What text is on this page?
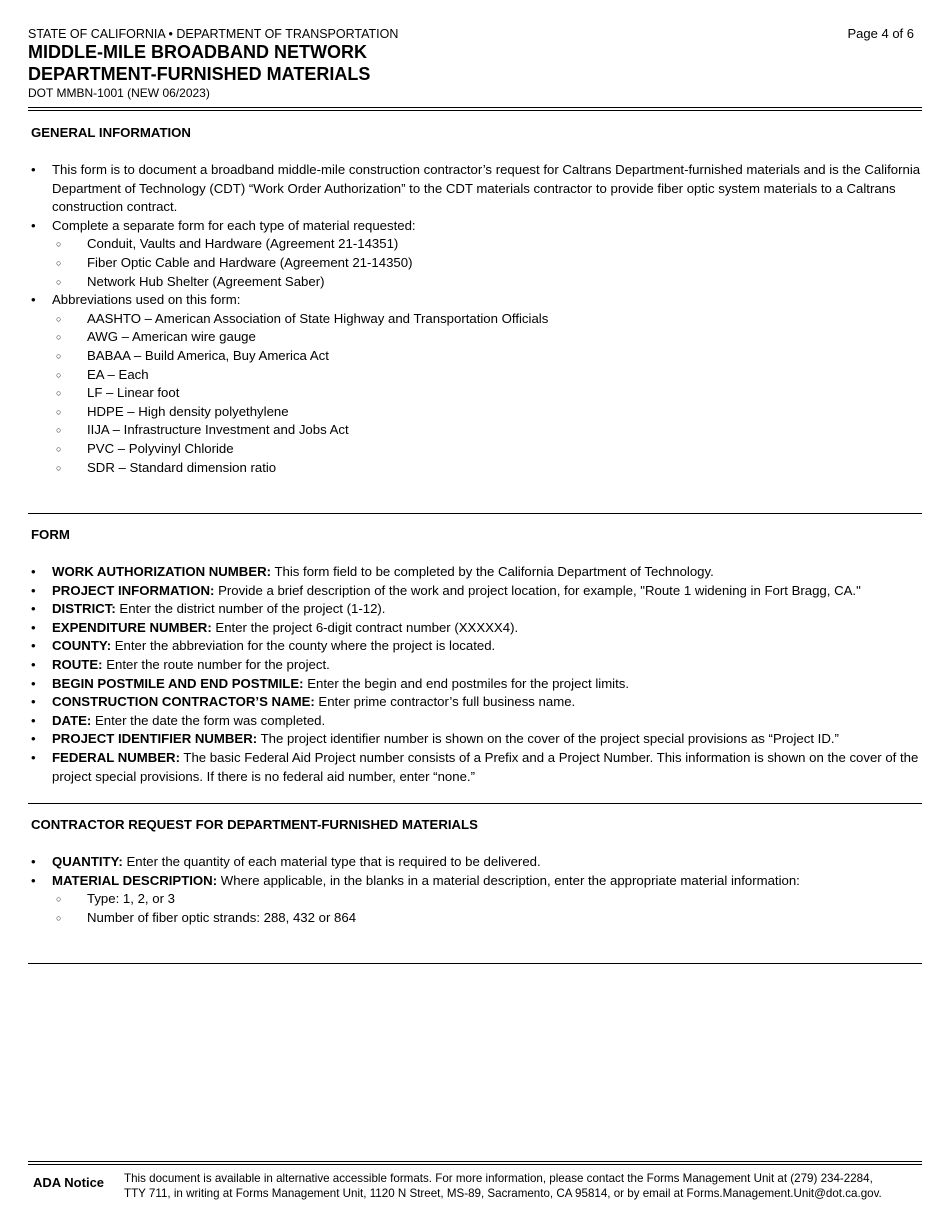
STATE OF CALIFORNIA • DEPARTMENT OF TRANSPORTATION
MIDDLE-MILE BROADBAND NETWORK
DEPARTMENT-FURNISHED MATERIALS
DOT MMBN-1001 (NEW 06/2023)
Page 4 of 6
GENERAL INFORMATION
• This form is to document a broadband middle-mile construction contractor’s request for Caltrans Department-furnished materials and is the California Department of Technology (CDT) “Work Order Authorization” to the CDT materials contractor to provide fiber optic system materials to a Caltrans construction contract.
• Complete a separate form for each type of material requested:
○ Conduit, Vaults and Hardware (Agreement 21-14351)
○ Fiber Optic Cable and Hardware (Agreement 21-14350)
○ Network Hub Shelter (Agreement Saber)
• Abbreviations used on this form:
○ AASHTO – American Association of State Highway and Transportation Officials
○ AWG – American wire gauge
○ BABAA – Build America, Buy America Act
○ EA – Each
○ LF – Linear foot
○ HDPE – High density polyethylene
○ IIJA – Infrastructure Investment and Jobs Act
○ PVC – Polyvinyl Chloride
○ SDR – Standard dimension ratio
FORM
• WORK AUTHORIZATION NUMBER: This form field to be completed by the California Department of Technology.
• PROJECT INFORMATION: Provide a brief description of the work and project location, for example, "Route 1 widening in Fort Bragg, CA."
• DISTRICT: Enter the district number of the project (1-12).
• EXPENDITURE NUMBER: Enter the project 6-digit contract number (XXXXX4).
• COUNTY: Enter the abbreviation for the county where the project is located.
• ROUTE: Enter the route number for the project.
• BEGIN POSTMILE AND END POSTMILE: Enter the begin and end postmiles for the project limits.
• CONSTRUCTION CONTRACTOR’S NAME: Enter prime contractor’s full business name.
• DATE: Enter the date the form was completed.
• PROJECT IDENTIFIER NUMBER: The project identifier number is shown on the cover of the project special provisions as “Project ID.”
• FEDERAL NUMBER: The basic Federal Aid Project number consists of a Prefix and a Project Number. This information is shown on the cover of the project special provisions. If there is no federal aid number, enter “none.”
CONTRACTOR REQUEST FOR DEPARTMENT-FURNISHED MATERIALS
• QUANTITY: Enter the quantity of each material type that is required to be delivered.
• MATERIAL DESCRIPTION: Where applicable, in the blanks in a material description, enter the appropriate material information:
○ Type: 1, 2, or 3
○ Number of fiber optic strands: 288, 432 or 864
ADA Notice This document is available in alternative accessible formats. For more information, please contact the Forms Management Unit at (279) 234-2284,
TTY 711, in writing at Forms Management Unit, 1120 N Street, MS-89, Sacramento, CA 95814, or by email at Forms.Management.Unit@dot.ca.gov.
